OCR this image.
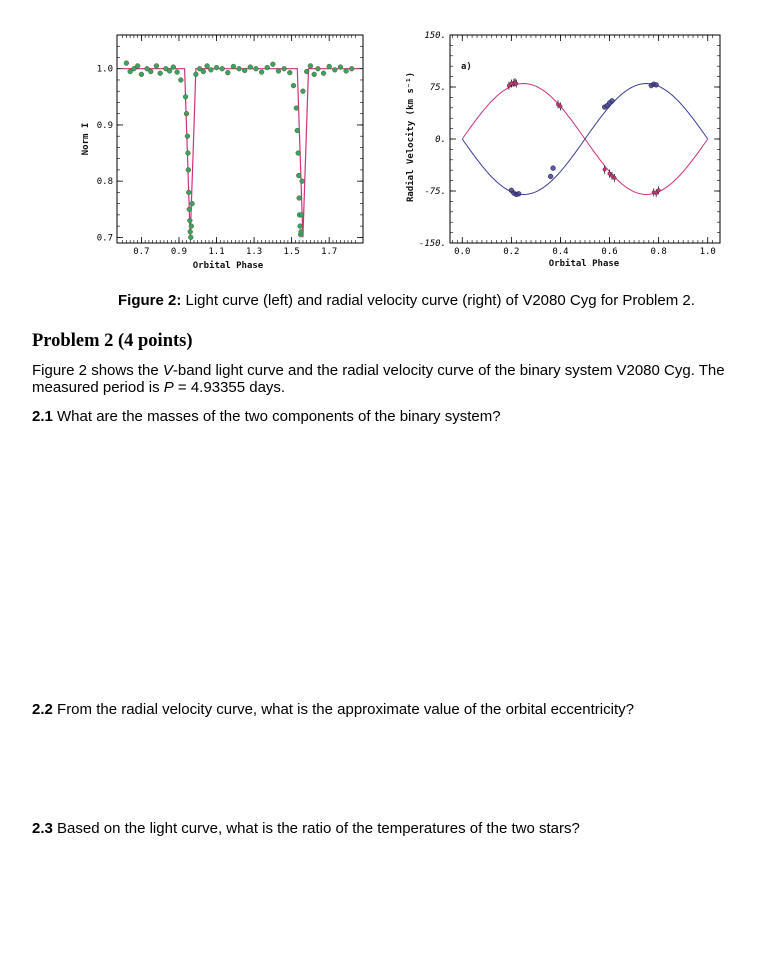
0.7 0.9 1.1 1.3 1.5 1.7
0.7
0.8
0.9
1.0
Orbital Phase
Norm I
0.0	0.2	0.4	0.6	0.8	1.0
150.
75.
0.
-75.
-150.
a)
Orbital Phase
Radial Velocity (km s⁻¹)
Figure 2: Light curve (left) and radial velocity curve (right) of V2080 Cyg for Problem 2.
Problem 2 (4 points)
Figure 2 shows the V-band light curve and the radial velocity curve of the binary system V2080 Cyg. The measured period is P = 4.93355 days.
2.1 What are the masses of the two components of the binary system?
2.2 From the radial velocity curve, what is the approximate value of the orbital eccentricity?
2.3 Based on the light curve, what is the ratio of the temperatures of the two stars?
